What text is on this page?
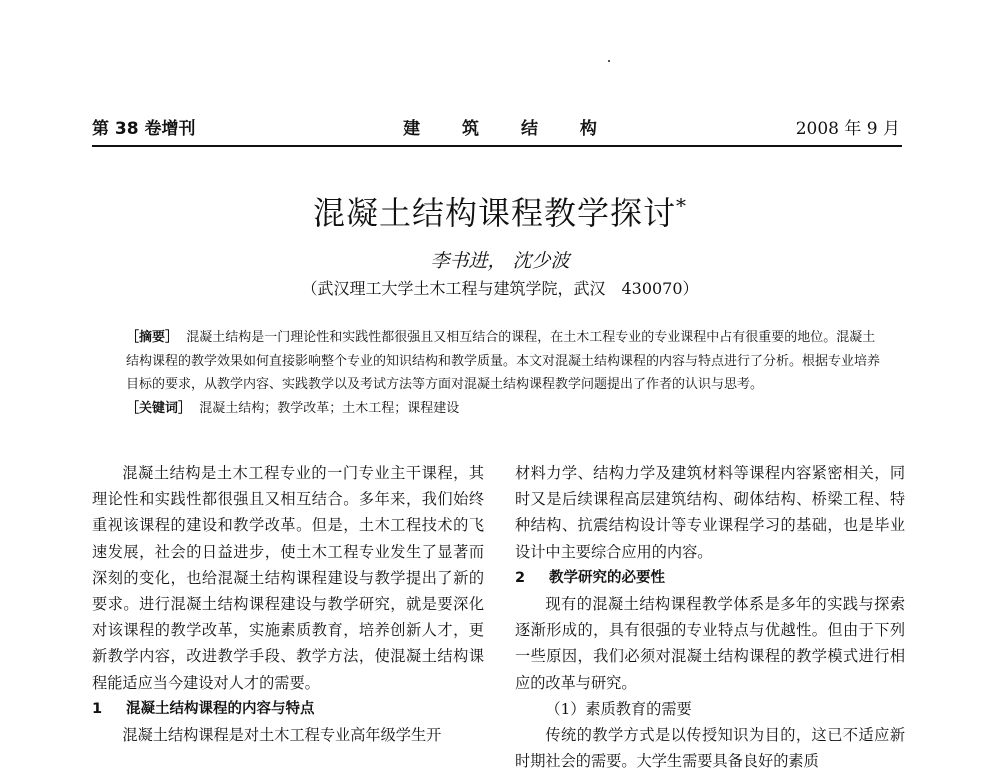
第 38 卷增刊	建 筑 结 构	2008 年 9 月
混凝土结构课程教学探讨*
李书进， 沈少波
（武汉理工大学土木工程与建筑学院，武汉　430070）
［摘要］ 混凝土结构是一门理论性和实践性都很强且又相互结合的课程，在土木工程专业的专业课程中占有很重要的地位。混凝土结构课程的教学效果如何直接影响整个专业的知识结构和教学质量。本文对混凝土结构课程的内容与特点进行了分析。根据专业培养目标的要求，从教学内容、实践教学以及考试方法等方面对混凝土结构课程教学问题提出了作者的认识与思考。
［关键词］ 混凝土结构；教学改革；土木工程；课程建设

混凝土结构是土木工程专业的一门专业主干课程，其理论性和实践性都很强且又相互结合。多年来，我们始终重视该课程的建设和教学改革。但是，土木工程技术的飞速发展，社会的日益进步，使土木工程专业发生了显著而深刻的变化，也给混凝土结构课程建设与教学提出了新的要求。进行混凝土结构课程建设与教学研究，就是要深化对该课程的教学改革，实施素质教育，培养创新人才，更新教学内容，改进教学手段、教学方法，使混凝土结构课程能适应当今建设对人才的需要。

1 混凝土结构课程的内容与特点

混凝土结构课程是对土木工程专业高年级学生开

材料力学、结构力学及建筑材料等课程内容紧密相关，同时又是后续课程高层建筑结构、砌体结构、桥梁工程、特种结构、抗震结构设计等专业课程学习的基础，也是毕业设计中主要综合应用的内容。

2 教学研究的必要性

现有的混凝土结构课程教学体系是多年的实践与探索逐渐形成的，具有很强的专业特点与优越性。但由于下列一些原因，我们必须对混凝土结构课程的教学模式进行相应的改革与研究。

（1）素质教育的需要

传统的教学方式是以传授知识为目的，这已不适应新时期社会的需要。大学生需要具备良好的素质
